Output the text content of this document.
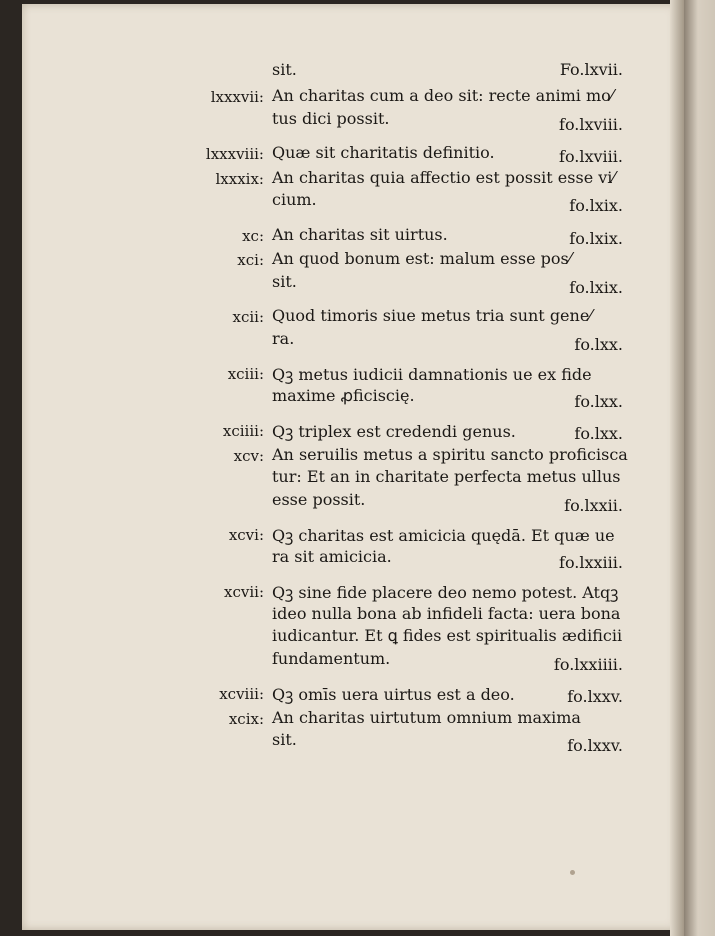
sit.	Fo.lxvii.
lxxxvii: An charitas cum a deo sit: recte animi mo⁄
tus dici possit.	fo.lxviii.
lxxxviii: Quæ sit charitatis definitio.	fo.lxviii.
lxxxix: An charitas quia affectio est possit esse vi⁄
cium.	fo.lxix.
xc: An charitas sit uirtus.	fo.lxix.
xci: An quod bonum est: malum esse pos⁄
sit.	fo.lxix.
xcii: Quod timoris siue metus tria sunt gene⁄
ra.	fo.lxx.
xciii: Qꝫ metus iudicii damnationis ue ex fide
maxime ꝓficiscię.	fo.lxx.
xciiii: Qꝫ triplex est credendi genus.	fo.lxx.
xcv: An seruilis metus a spiritu sancto proficisca
tur: Et an in charitate perfecta metus ullus
esse possit.	fo.lxxii.
xcvi: Qꝫ charitas est amicicia quędā. Et quæ ue
ra sit amicicia.	fo.lxxiii.
xcvii: Qꝫ sine fide placere deo nemo potest. Atqꝫ
ideo nulla bona ab infideli facta: uera bona
iudicantur. Et ꝗ fides est spiritualis ædificii
fundamentum.	fo.lxxiiii.
xcviii: Qꝫ omīs uera uirtus est a deo.	fo.lxxv.
xcix: An charitas uirtutum omnium maxima
sit.	fo.lxxv.
